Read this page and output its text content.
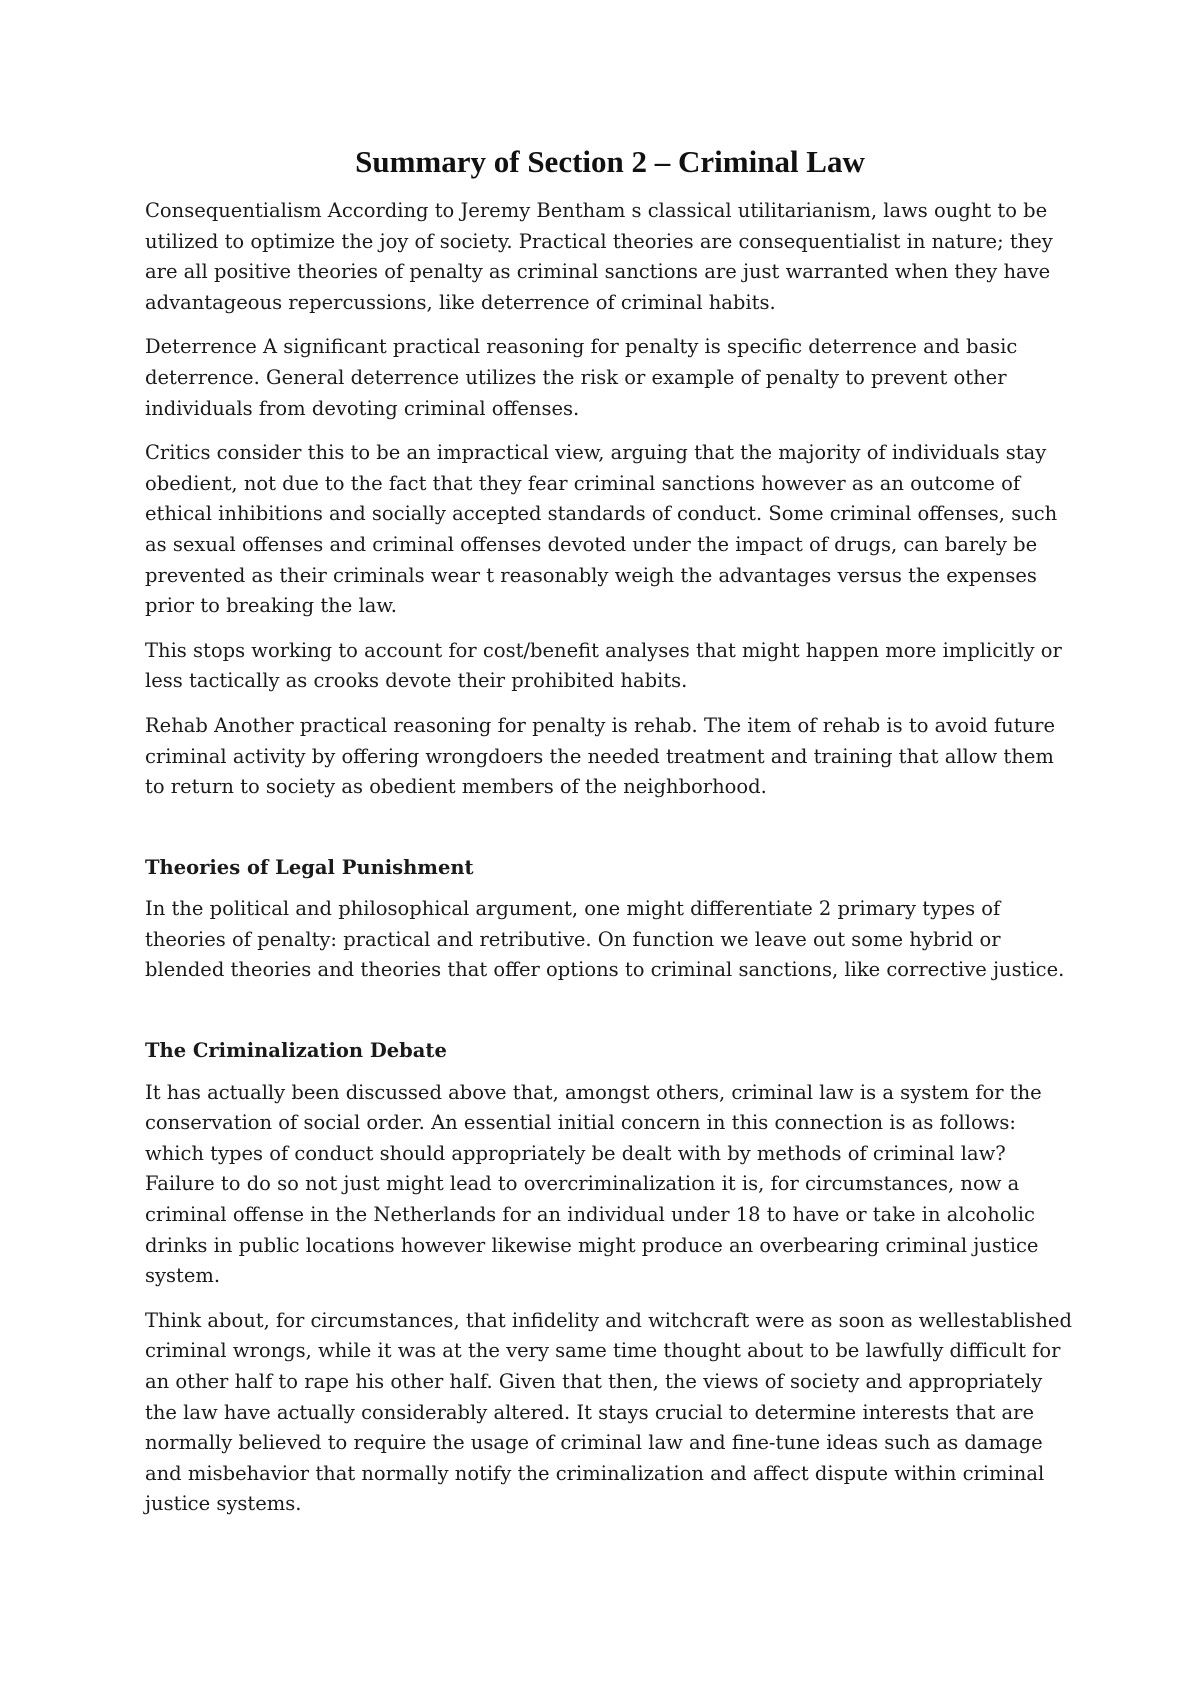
Summary of Section 2 – Criminal Law

Consequentialism According to Jeremy Bentham s classical utilitarianism, laws ought to be utilized to optimize the joy of society. Practical theories are consequentialist in nature; they are all positive theories of penalty as criminal sanctions are just warranted when they have advantageous repercussions, like deterrence of criminal habits.

Deterrence A significant practical reasoning for penalty is specific deterrence and basic deterrence. General deterrence utilizes the risk or example of penalty to prevent other individuals from devoting criminal offenses.

Critics consider this to be an impractical view, arguing that the majority of individuals stay obedient, not due to the fact that they fear criminal sanctions however as an outcome of ethical inhibitions and socially accepted standards of conduct. Some criminal offenses, such as sexual offenses and criminal offenses devoted under the impact of drugs, can barely be prevented as their criminals wear t reasonably weigh the advantages versus the expenses prior to breaking the law.

This stops working to account for cost/benefit analyses that might happen more implicitly or less tactically as crooks devote their prohibited habits.

Rehab Another practical reasoning for penalty is rehab. The item of rehab is to avoid future criminal activity by offering wrongdoers the needed treatment and training that allow them to return to society as obedient members of the neighborhood.

Theories of Legal Punishment

In the political and philosophical argument, one might differentiate 2 primary types of theories of penalty: practical and retributive. On function we leave out some hybrid or blended theories and theories that offer options to criminal sanctions, like corrective justice.

The Criminalization Debate

It has actually been discussed above that, amongst others, criminal law is a system for the conservation of social order. An essential initial concern in this connection is as follows: which types of conduct should appropriately be dealt with by methods of criminal law? Failure to do so not just might lead to overcriminalization it is, for circumstances, now a criminal offense in the Netherlands for an individual under 18 to have or take in alcoholic drinks in public locations however likewise might produce an overbearing criminal justice system.

Think about, for circumstances, that infidelity and witchcraft were as soon as wellestablished criminal wrongs, while it was at the very same time thought about to be lawfully difficult for an other half to rape his other half. Given that then, the views of society and appropriately the law have actually considerably altered. It stays crucial to determine interests that are normally believed to require the usage of criminal law and fine-tune ideas such as damage and misbehavior that normally notify the criminalization and affect dispute within criminal justice systems.
